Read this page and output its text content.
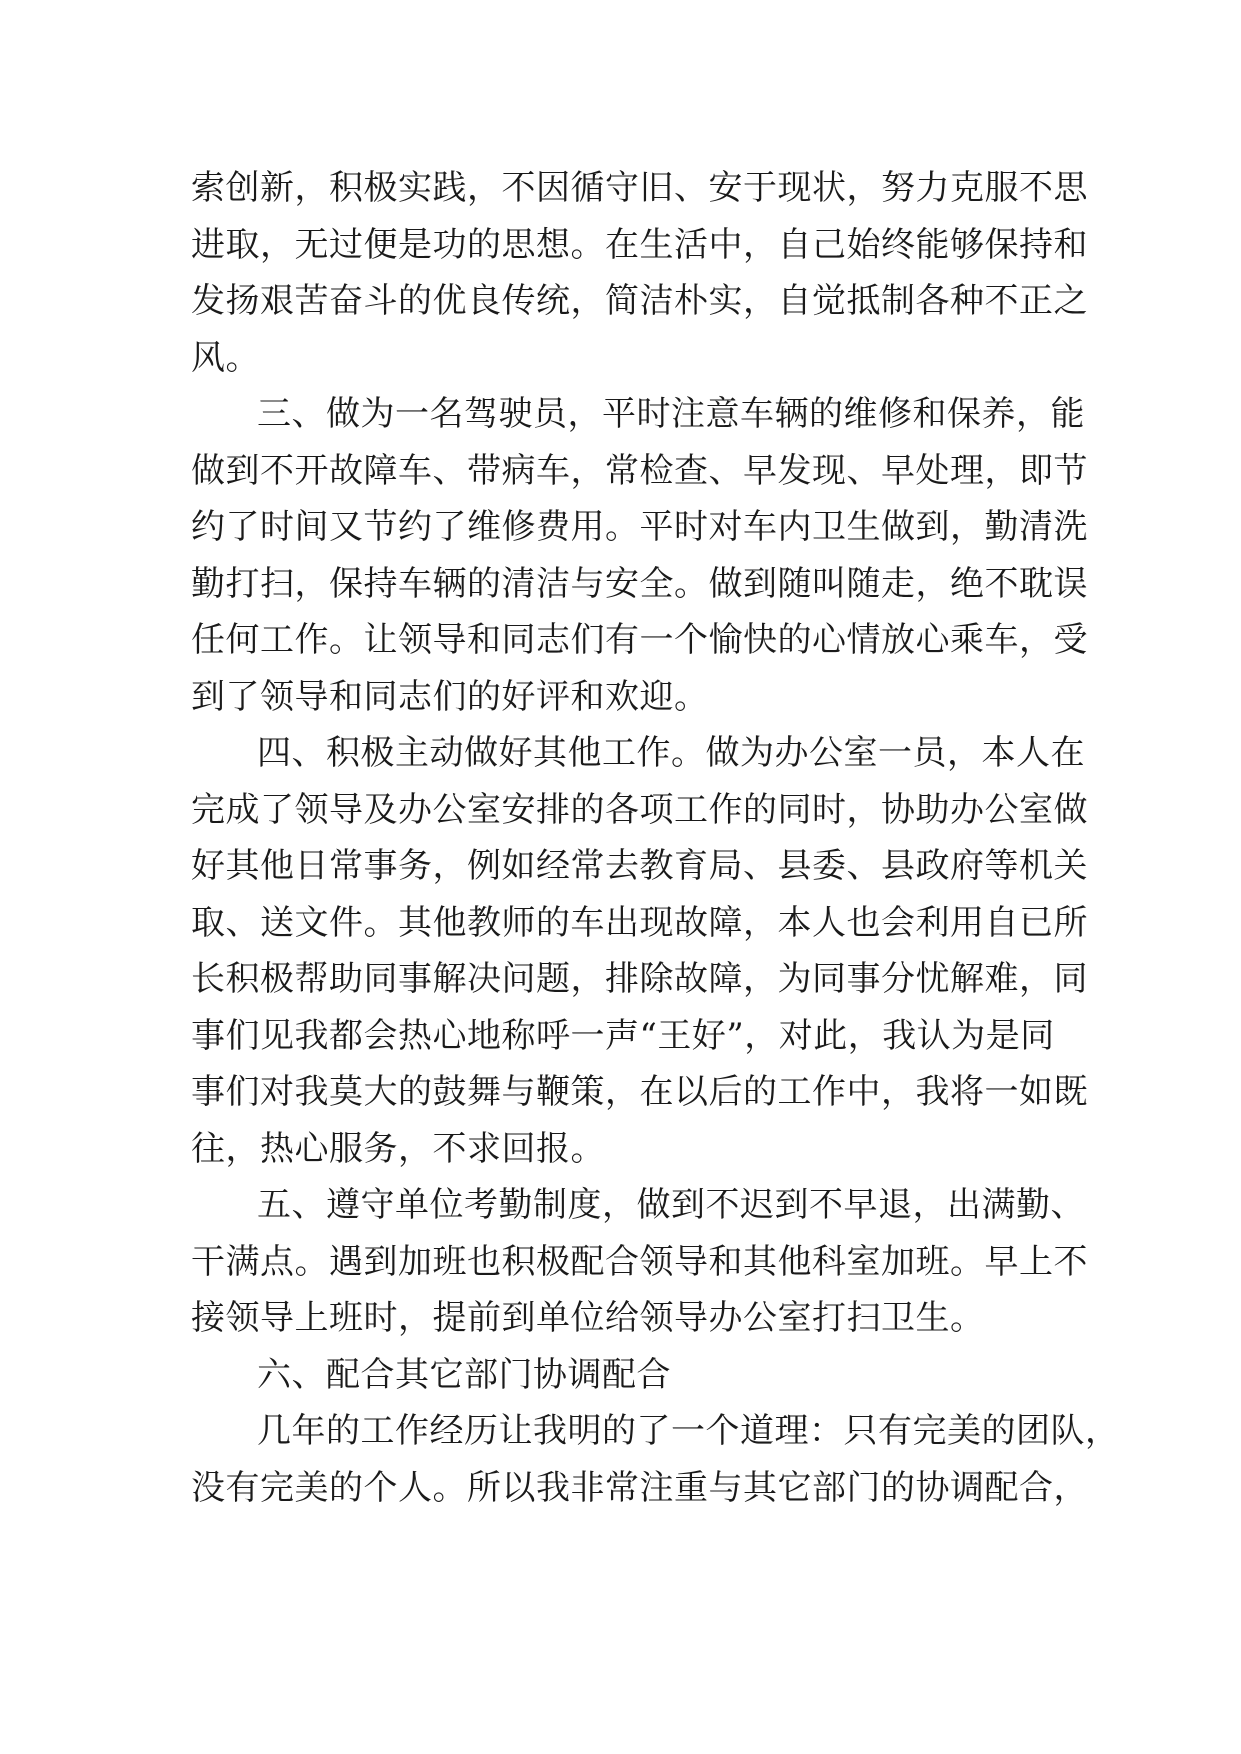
索创新，积极实践，不因循守旧、安于现状，努力克服不思
进取，无过便是功的思想。在生活中，自己始终能够保持和
发扬艰苦奋斗的优良传统，简洁朴实，自觉抵制各种不正之
风。
三、做为一名驾驶员，平时注意车辆的维修和保养，能
做到不开故障车、带病车，常检查、早发现、早处理，即节
约了时间又节约了维修费用。平时对车内卫生做到，勤清洗
勤打扫，保持车辆的清洁与安全。做到随叫随走，绝不耽误
任何工作。让领导和同志们有一个愉快的心情放心乘车，受
到了领导和同志们的好评和欢迎。
四、积极主动做好其他工作。做为办公室一员，本人在
完成了领导及办公室安排的各项工作的同时，协助办公室做
好其他日常事务，例如经常去教育局、县委、县政府等机关
取、送文件。其他教师的车出现故障，本人也会利用自已所
长积极帮助同事解决问题，排除故障，为同事分忧解难，同
事们见我都会热心地称呼一声“王好”，对此，我认为是同
事们对我莫大的鼓舞与鞭策，在以后的工作中，我将一如既
往，热心服务，不求回报。
五、遵守单位考勤制度，做到不迟到不早退，出满勤、
干满点。遇到加班也积极配合领导和其他科室加班。早上不
接领导上班时，提前到单位给领导办公室打扫卫生。
六、配合其它部门协调配合
几年的工作经历让我明的了一个道理：只有完美的团队，
没有完美的个人。所以我非常注重与其它部门的协调配合，
